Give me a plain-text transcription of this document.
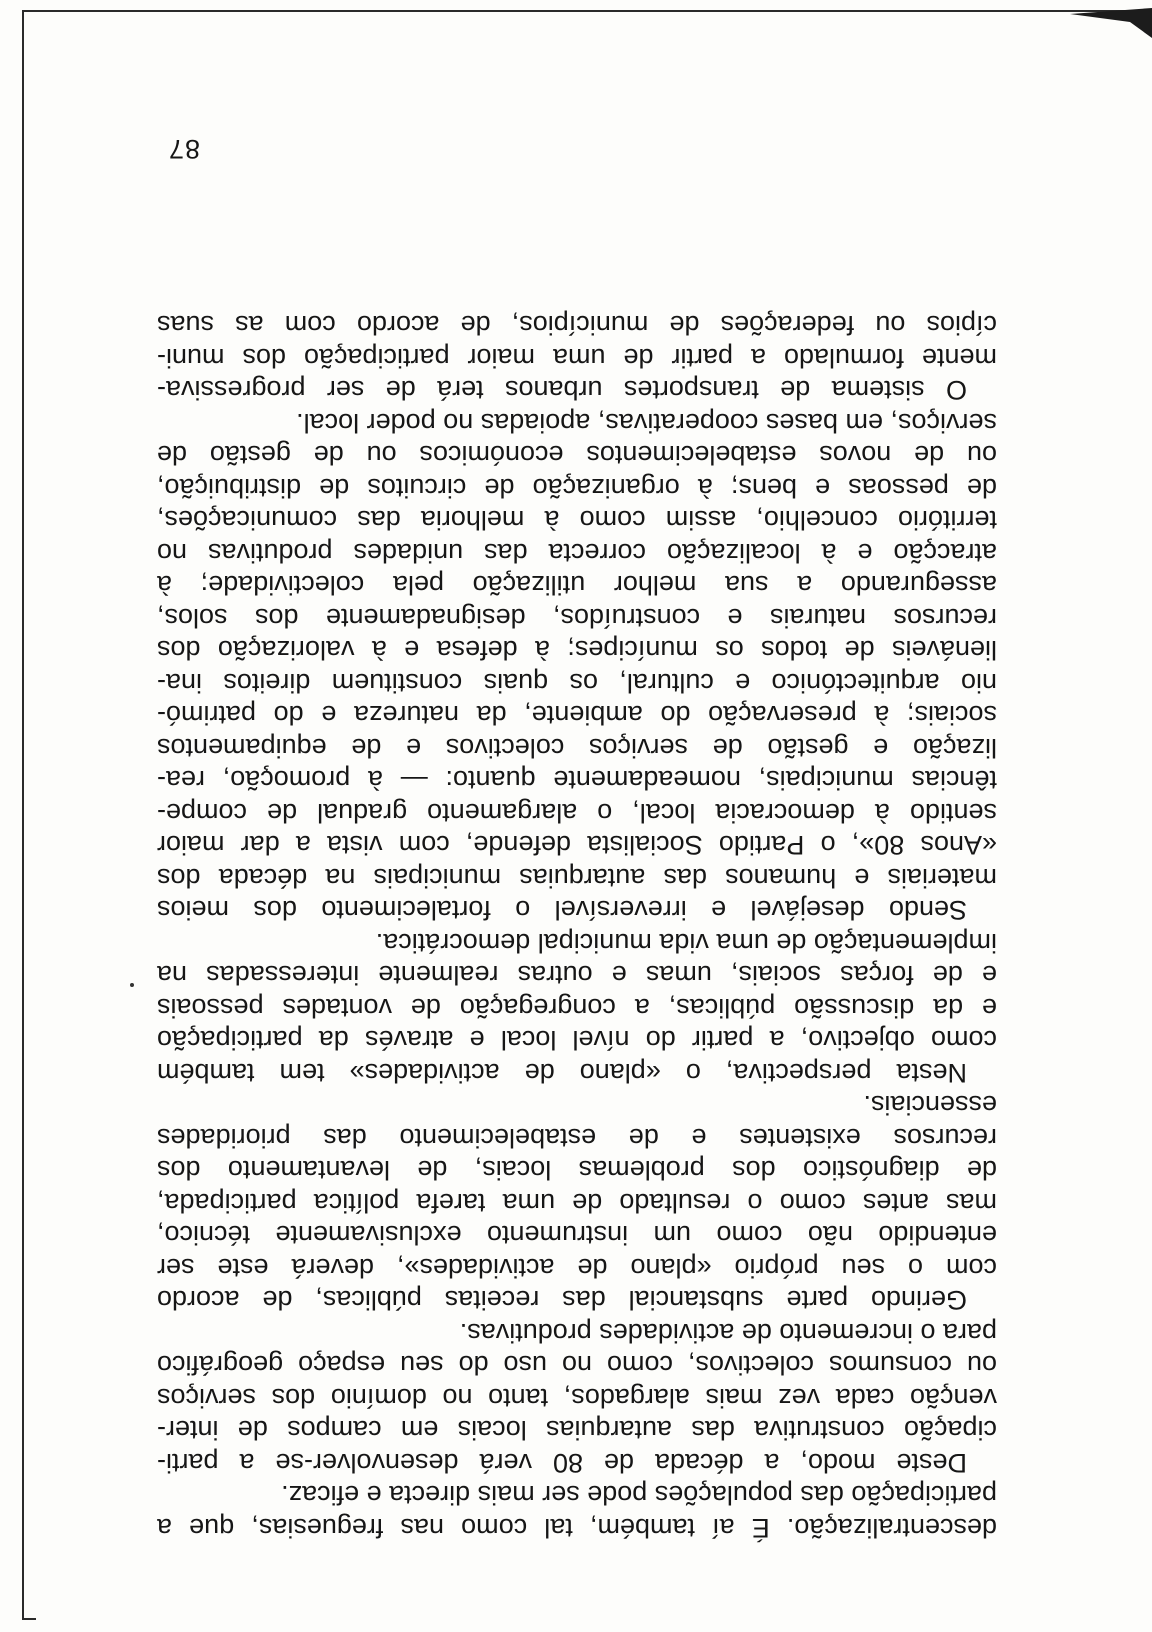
descentralização. É aí também, tal como nas freguesias, que a
participação das populações pode ser mais directa e eficaz.
Deste modo, a década de 80 verá desenvolver-se a parti-
cipação construtiva das autarquias locais em campos de inter-
venção cada vez mais alargados, tanto no domínio dos serviços
ou consumos colectivos, como no uso do seu espaço geográfico
para o incremento de actividades produtivas.
Gerindo parte substancial das receitas públicas, de acordo
com o seu próprio «plano de actividades», deverá este ser
entendido não como um instrumento exclusivamente técnico,
mas antes como o resultado de uma tarefa política participada,
de diagnóstico dos problemas locais, de levantamento dos
recursos existentes e de estabelecimento das prioridades
essenciais.
Nesta perspectiva, o «plano de actividades» tem também
como objectivo, a partir do nível local e através da participação
e da discussão públicas, a congregação de vontades pessoais
e de forças sociais, umas e outras realmente interessadas na
implementação de uma vida municipal democrática.
Sendo desejável e irreversível o fortalecimento dos meios
materiais e humanos das autarquias municipais na década dos
«Anos 80», o Partido Socialista defende, com vista a dar maior
sentido à democracia local, o alargamento gradual de compe-
tências municipais, nomeadamente quanto: — à promoção, rea-
lização e gestão de serviços colectivos e de equipamentos
sociais; à preservação do ambiente, da natureza e do patrimó-
nio arquitectónico e cultural, os quais constituem direitos ina-
lienáveis de todos os munícipes; à defesa e à valorização dos
recursos naturais e construídos, designadamente dos solos,
assegurando a sua melhor utilização pela colectividade; à
atracção e à localização correcta das unidades produtivas no
território concelhio, assim como à melhoria das comunicações,
de pessoas e bens; à organização de circuitos de distribuição,
ou de novos estabelecimentos económicos ou de gestão de
serviços, em bases cooperativas, apoiadas no poder local.
O sistema de transportes urbanos terá de ser progressiva-
mente formulado a partir de uma maior participação dos muni-
cípios ou federações de municípios, de acordo com as suas
87
